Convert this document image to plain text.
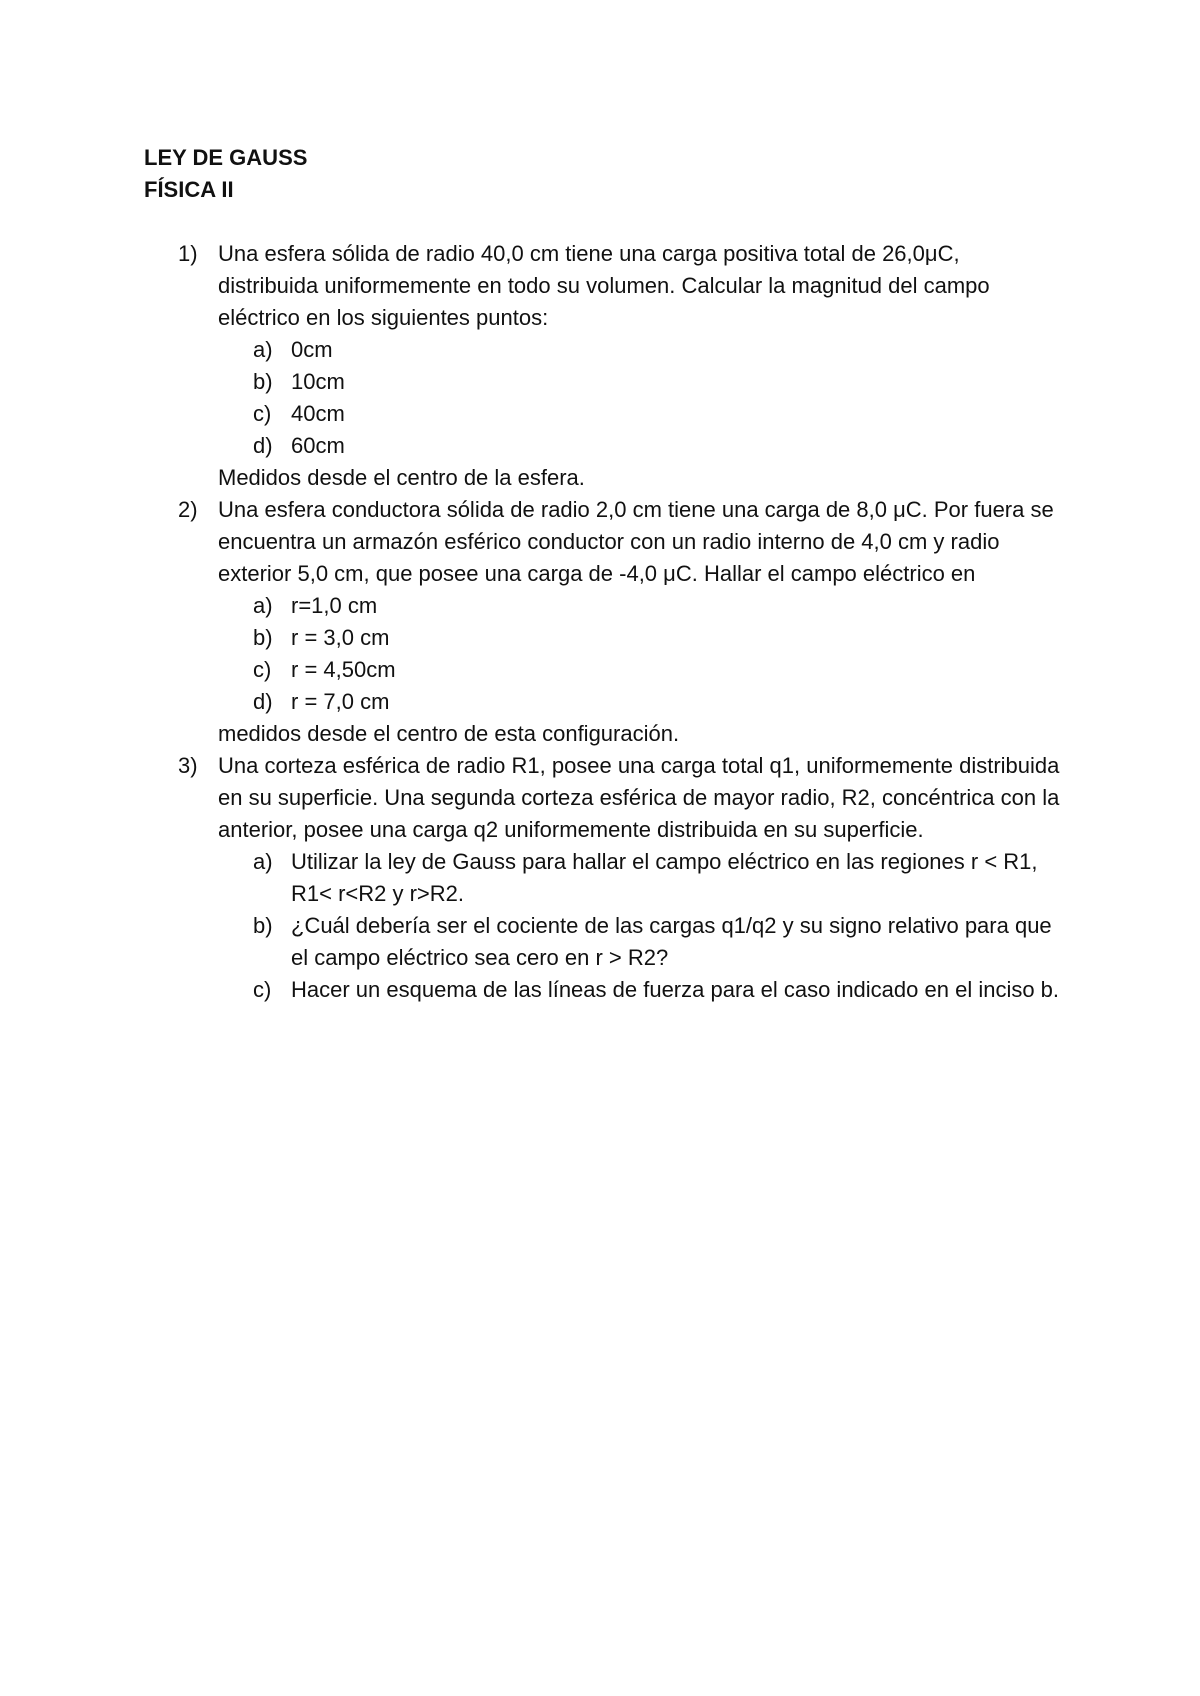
LEY DE GAUSS
FÍSICA II
1) Una esfera sólida de radio 40,0 cm tiene una carga positiva total de 26,0μC, distribuida uniformemente en todo su volumen. Calcular la magnitud del campo eléctrico en los siguientes puntos:

a) 0cm
b) 10cm
c) 40cm
d) 60cm

Medidos desde el centro de la esfera.

2) Una esfera conductora sólida de radio 2,0 cm tiene una carga de 8,0 μC. Por fuera se encuentra un armazón esférico conductor con un radio interno de 4,0 cm y radio exterior 5,0 cm, que posee una carga de -4,0 μC. Hallar el campo eléctrico en

a) r=1,0 cm
b) r = 3,0 cm
c) r = 4,50cm
d) r = 7,0 cm

medidos desde el centro de esta configuración.

3) Una corteza esférica de radio R1, posee una carga total q1, uniformemente distribuida en su superficie. Una segunda corteza esférica de mayor radio, R2, concéntrica con la anterior, posee una carga q2 uniformemente distribuida en su superficie.

a) Utilizar la ley de Gauss para hallar el campo eléctrico en las regiones r < R1, R1< r<R2 y r>R2.
b) ¿Cuál debería ser el cociente de las cargas q1/q2 y su signo relativo para que el campo eléctrico sea cero en r > R2?
c) Hacer un esquema de las líneas de fuerza para el caso indicado en el inciso b.
